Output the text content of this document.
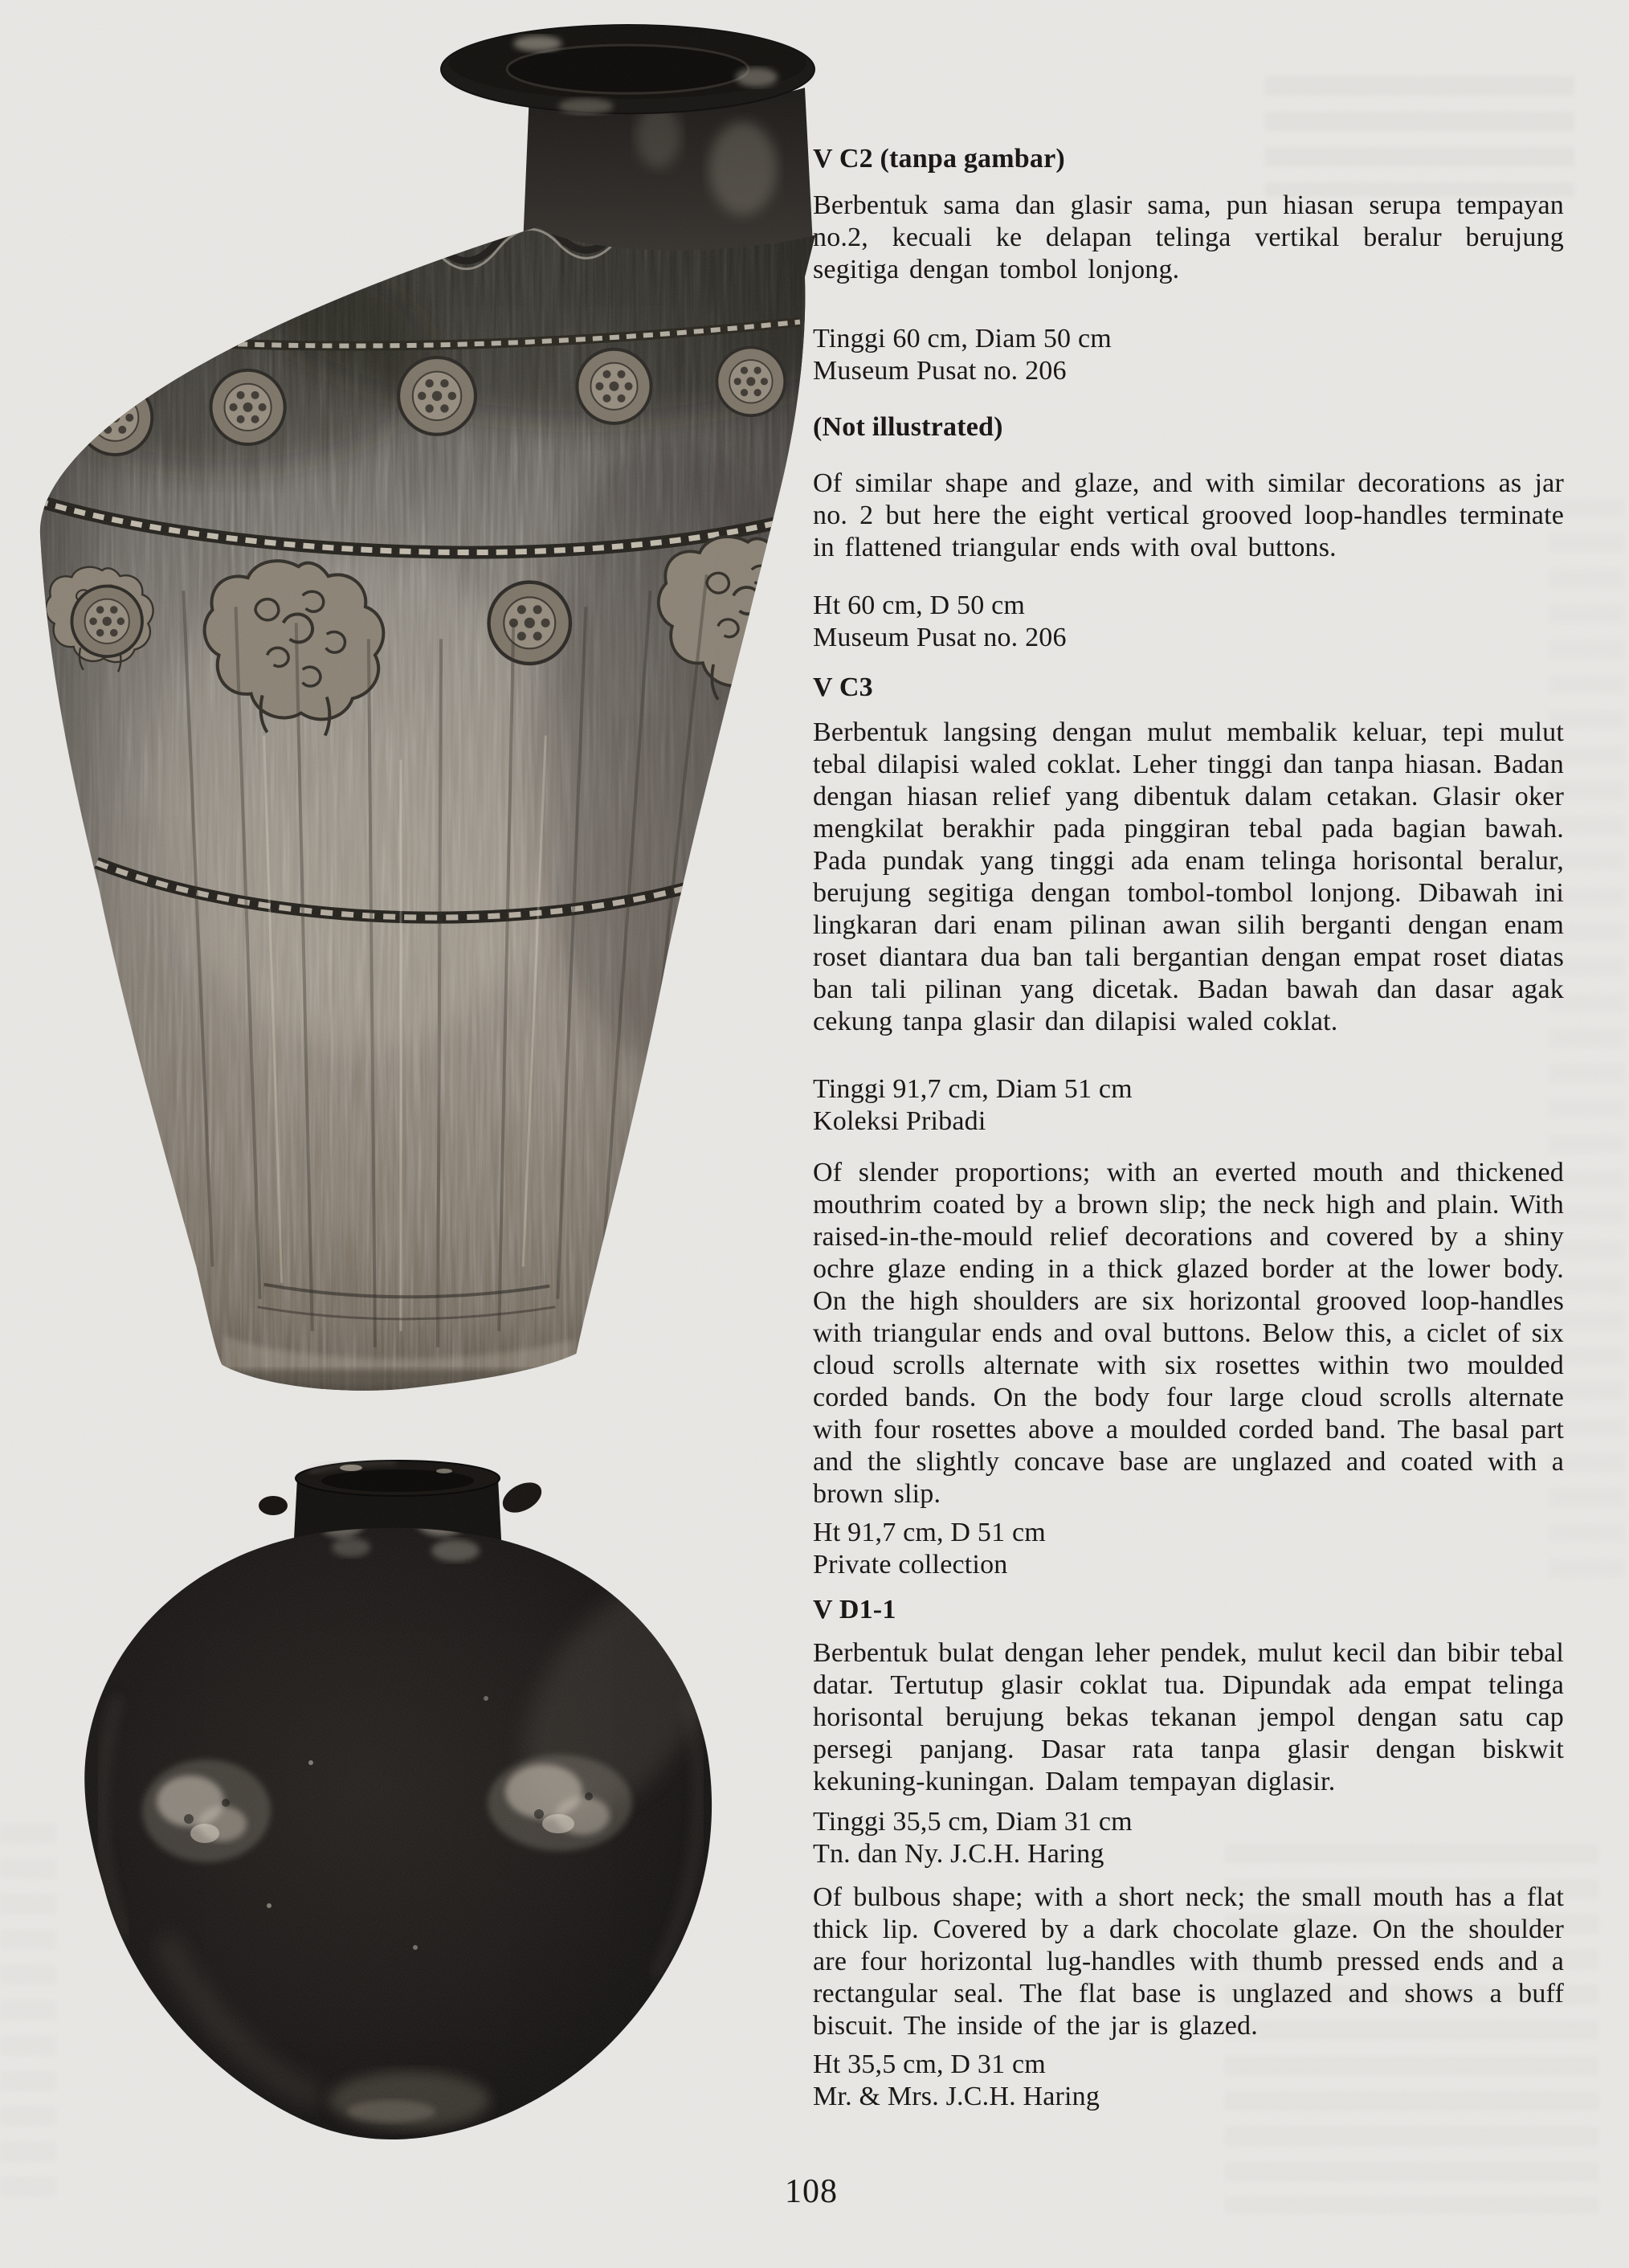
V C2 (tanpa gambar)

Berbentuk sama dan glasir sama, pun hiasan serupa tempayan no.2, kecuali ke delapan telinga vertikal beralur berujung segitiga dengan tombol lonjong.

Tinggi 60 cm, Diam 50 cm
Museum Pusat no. 206
(Not illustrated)

Of similar shape and glaze, and with similar decorations as jar no. 2 but here the eight vertical grooved loop-handles terminate in flattened triangular ends with oval buttons.

Ht 60 cm, D 50 cm
Museum Pusat no. 206
V C3

Berbentuk langsing dengan mulut membalik keluar, tepi mulut tebal dilapisi waled coklat. Leher tinggi dan tanpa hiasan. Badan dengan hiasan relief yang dibentuk dalam cetakan. Glasir oker mengkilat berakhir pada pinggiran tebal pada bagian bawah. Pada pundak yang tinggi ada enam telinga horisontal beralur, berujung segitiga dengan tombol-tombol lonjong. Dibawah ini lingkaran dari enam pilinan awan silih berganti dengan enam roset diantara dua ban tali bergantian dengan empat roset diatas ban tali pilinan yang dicetak. Badan bawah dan dasar agak cekung tanpa glasir dan dilapisi waled coklat.

Tinggi 91,7 cm, Diam 51 cm
Koleksi Pribadi

Of slender proportions; with an everted mouth and thickened mouthrim coated by a brown slip; the neck high and plain. With raised-in-the-mould relief decorations and covered by a shiny ochre glaze ending in a thick glazed border at the lower body. On the high shoulders are six horizontal grooved loop-handles with triangular ends and oval buttons. Below this, a ciclet of six cloud scrolls alternate with six rosettes within two moulded corded bands. On the body four large cloud scrolls alternate with four rosettes above a moulded corded band. The basal part and the slightly concave base are unglazed and coated with a brown slip.

Ht 91,7 cm, D 51 cm
Private collection
V D1-1

Berbentuk bulat dengan leher pendek, mulut kecil dan bibir tebal datar. Tertutup glasir coklat tua. Dipundak ada empat telinga horisontal berujung bekas tekanan jempol dengan satu cap persegi panjang. Dasar rata tanpa glasir dengan biskwit kekuning-kuningan. Dalam tempayan diglasir.

Tinggi 35,5 cm, Diam 31 cm
Tn. dan Ny. J.C.H. Haring

Of bulbous shape; with a short neck; the small mouth has a flat thick lip. Covered by a dark chocolate glaze. On the shoulder are four horizontal lug-handles with thumb pressed ends and a rectangular seal. The flat base is unglazed and shows a buff biscuit. The inside of the jar is glazed.

Ht 35,5 cm, D 31 cm
Mr. & Mrs. J.C.H. Haring
108
